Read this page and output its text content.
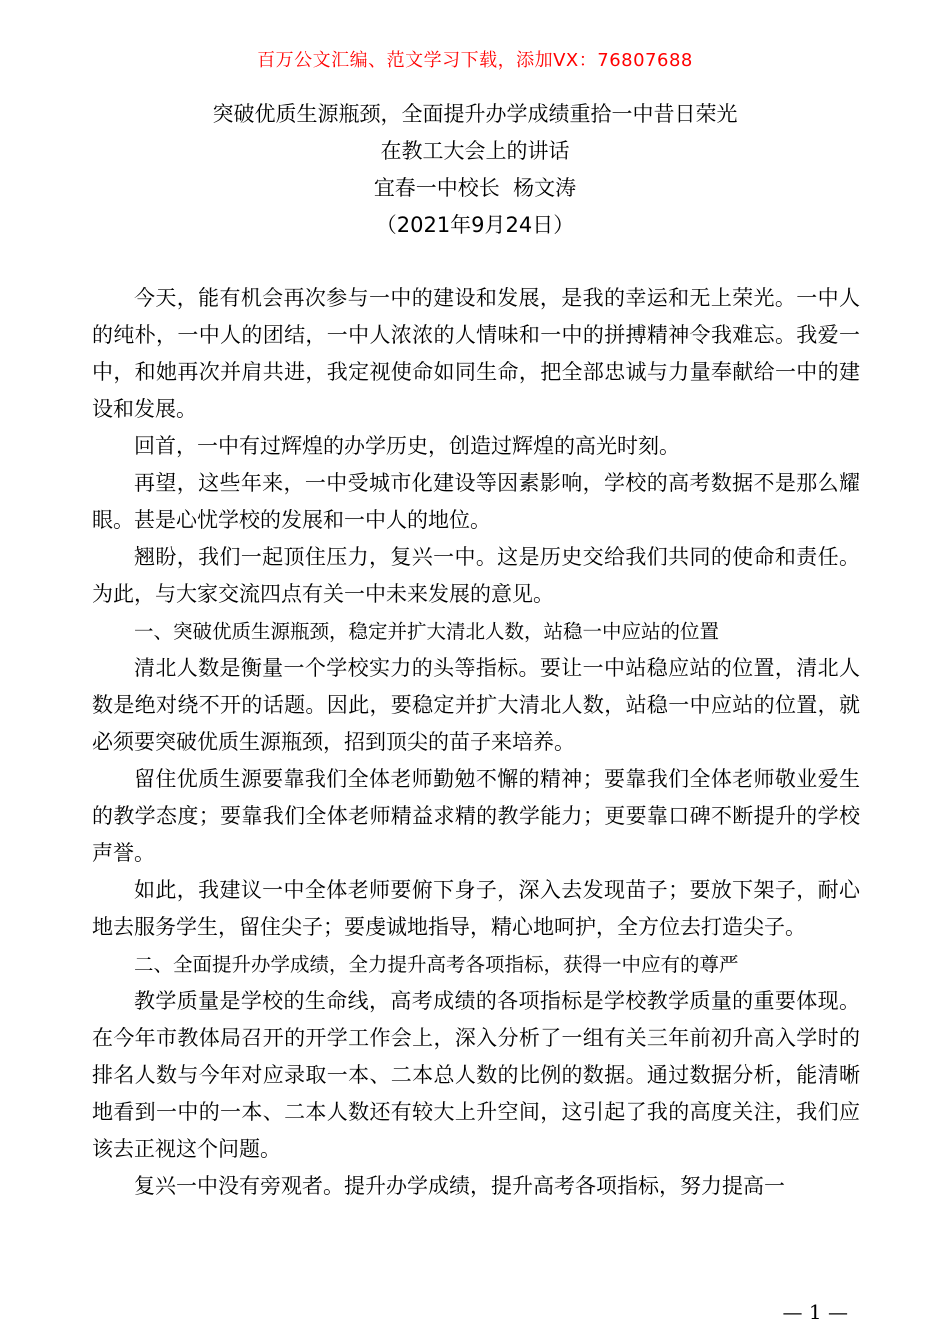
百万公文汇编、范文学习下载，添加VX：76807688
突破优质生源瓶颈，全面提升办学成绩重拾一中昔日荣光
在教工大会上的讲话
宜春一中校长  杨文涛
（2021年9月24日）

今天，能有机会再次参与一中的建设和发展，是我的幸运和无上荣光。一中人的纯朴，一中人的团结，一中人浓浓的人情味和一中的拼搏精神令我难忘。我爱一中，和她再次并肩共进，我定视使命如同生命，把全部忠诚与力量奉献给一中的建设和发展。

回首，一中有过辉煌的办学历史，创造过辉煌的高光时刻。

再望，这些年来，一中受城市化建设等因素影响，学校的高考数据不是那么耀眼。甚是心忧学校的发展和一中人的地位。

翘盼，我们一起顶住压力，复兴一中。这是历史交给我们共同的使命和责任。为此，与大家交流四点有关一中未来发展的意见。

一、突破优质生源瓶颈，稳定并扩大清北人数，站稳一中应站的位置

清北人数是衡量一个学校实力的头等指标。要让一中站稳应站的位置，清北人数是绝对绕不开的话题。因此，要稳定并扩大清北人数，站稳一中应站的位置，就必须要突破优质生源瓶颈，招到顶尖的苗子来培养。

留住优质生源要靠我们全体老师勤勉不懈的精神；要靠我们全体老师敬业爱生的教学态度；要靠我们全体老师精益求精的教学能力；更要靠口碑不断提升的学校声誉。

如此，我建议一中全体老师要俯下身子，深入去发现苗子；要放下架子，耐心地去服务学生，留住尖子；要虔诚地指导，精心地呵护，全方位去打造尖子。

二、全面提升办学成绩，全力提升高考各项指标，获得一中应有的尊严

教学质量是学校的生命线，高考成绩的各项指标是学校教学质量的重要体现。在今年市教体局召开的开学工作会上，深入分析了一组有关三年前初升高入学时的排名人数与今年对应录取一本、二本总人数的比例的数据。通过数据分析，能清晰地看到一中的一本、二本人数还有较大上升空间，这引起了我的高度关注，我们应该去正视这个问题。

复兴一中没有旁观者。提升办学成绩，提升高考各项指标，努力提高一

— 1 —
